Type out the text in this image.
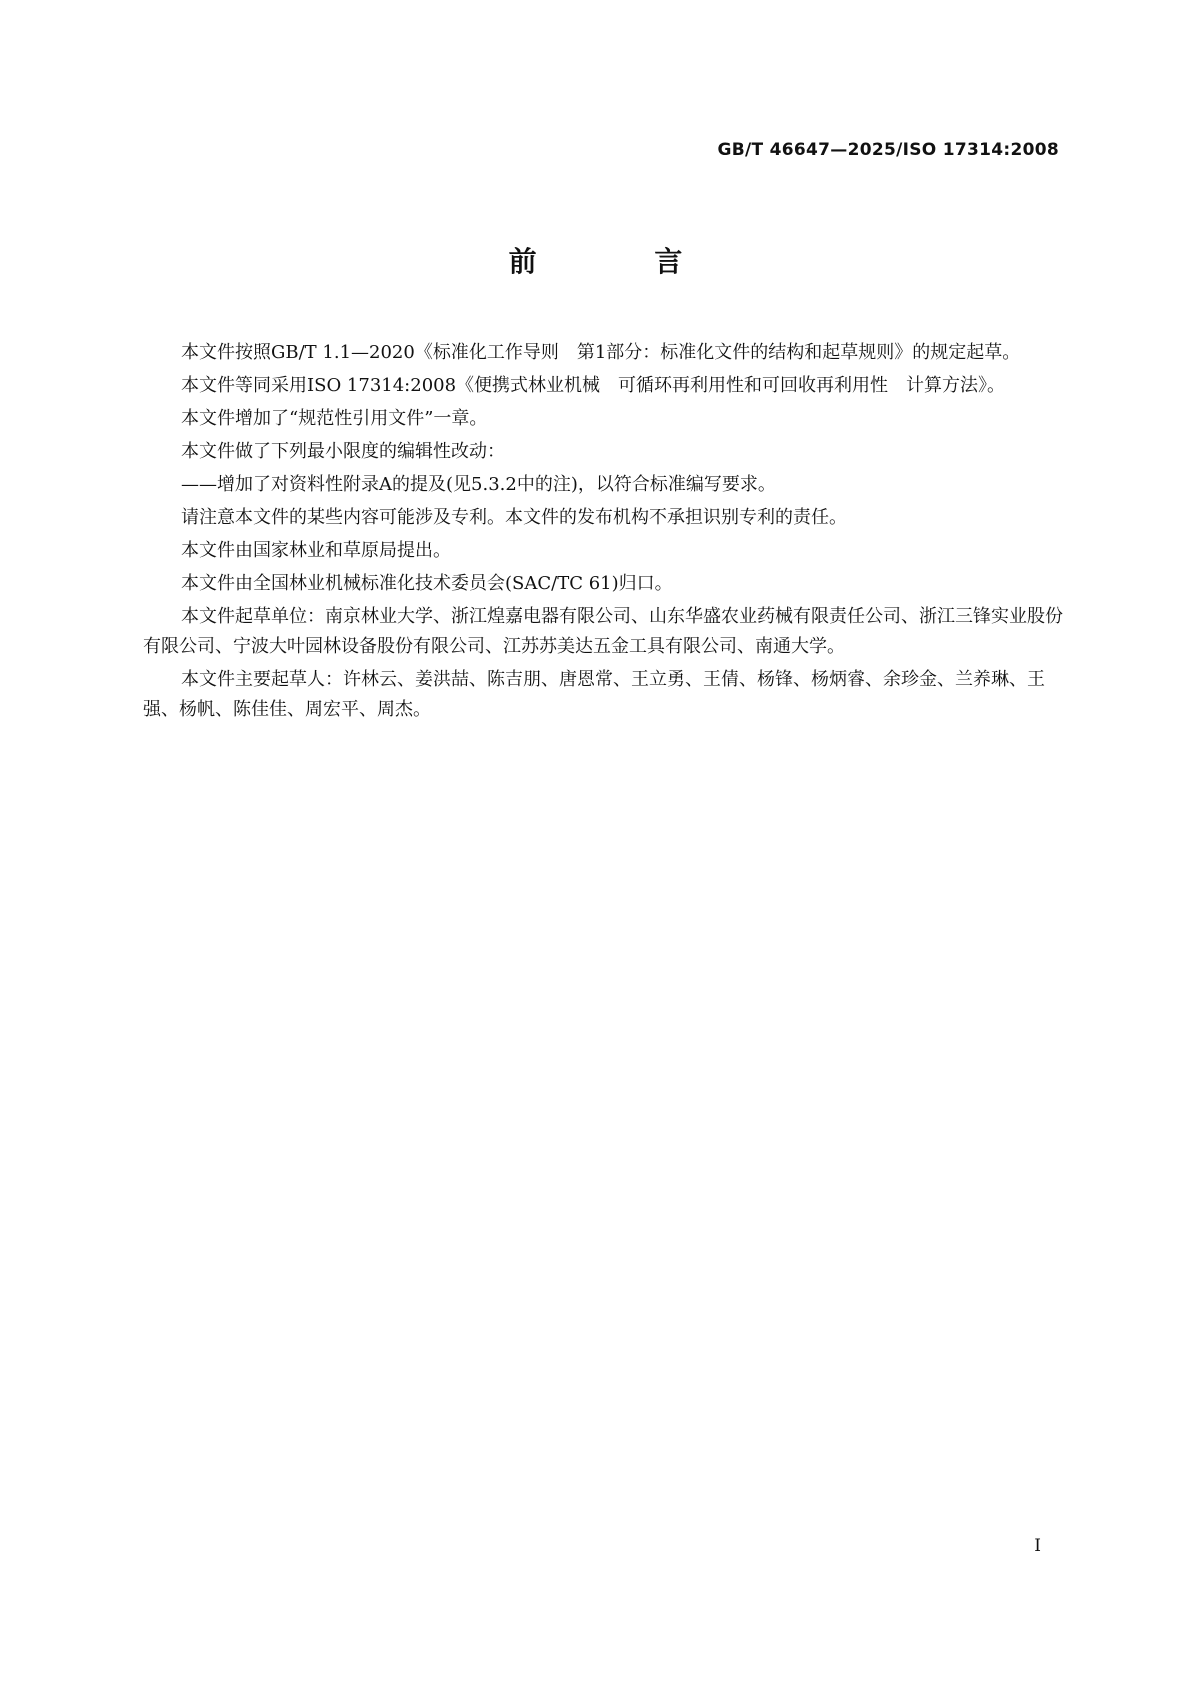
GB/T 46647—2025/ISO 17314:2008
前 言

本文件按照GB/T 1.1—2020《标准化工作导则　第1部分：标准化文件的结构和起草规则》的规定起草。

本文件等同采用ISO 17314:2008《便携式林业机械　可循环再利用性和可回收再利用性　计算方法》。

本文件增加了“规范性引用文件”一章。

本文件做了下列最小限度的编辑性改动：

——增加了对资料性附录A的提及(见5.3.2中的注)，以符合标准编写要求。

请注意本文件的某些内容可能涉及专利。本文件的发布机构不承担识别专利的责任。

本文件由国家林业和草原局提出。

本文件由全国林业机械标准化技术委员会(SAC/TC 61)归口。

本文件起草单位：南京林业大学、浙江煌嘉电器有限公司、山东华盛农业药械有限责任公司、浙江三锋实业股份有限公司、宁波大叶园林设备股份有限公司、江苏苏美达五金工具有限公司、南通大学。

本文件主要起草人：许林云、姜洪喆、陈吉朋、唐恩常、王立勇、王倩、杨锋、杨炳睿、余珍金、兰养琳、王强、杨帆、陈佳佳、周宏平、周杰。

I
